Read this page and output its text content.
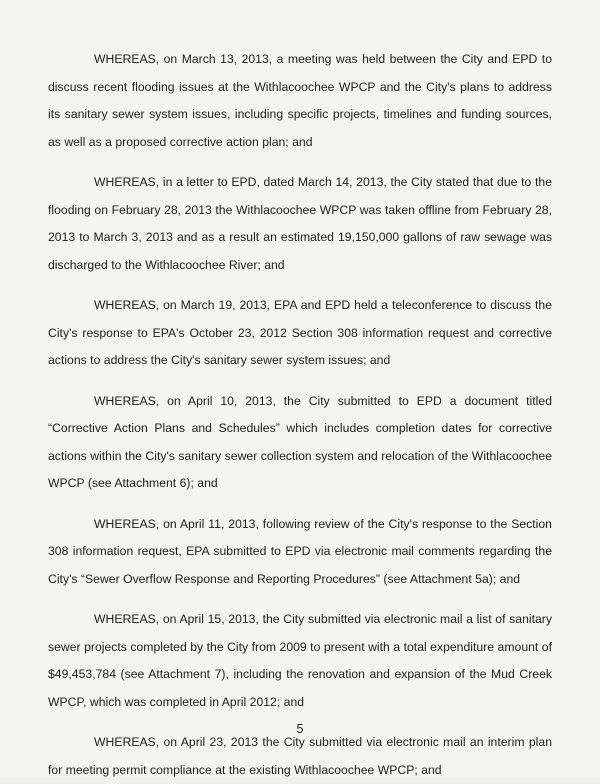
WHEREAS, on March 13, 2013, a meeting was held between the City and EPD to discuss recent flooding issues at the Withlacoochee WPCP and the City's plans to address its sanitary sewer system issues, including specific projects, timelines and funding sources, as well as a proposed corrective action plan; and

WHEREAS, in a letter to EPD, dated March 14, 2013, the City stated that due to the flooding on February 28, 2013 the Withlacoochee WPCP was taken offline from February 28, 2013 to March 3, 2013 and as a result an estimated 19,150,000 gallons of raw sewage was discharged to the Withlacoochee River; and

WHEREAS, on March 19, 2013, EPA and EPD held a teleconference to discuss the City's response to EPA's October 23, 2012 Section 308 information request and corrective actions to address the City's sanitary sewer system issues; and

WHEREAS, on April 10, 2013, the City submitted to EPD a document titled “Corrective Action Plans and Schedules” which includes completion dates for corrective actions within the City's sanitary sewer collection system and relocation of the Withlacoochee WPCP (see Attachment 6); and

WHEREAS, on April 11, 2013, following review of the City's response to the Section 308 information request, EPA submitted to EPD via electronic mail comments regarding the City's “Sewer Overflow Response and Reporting Procedures” (see Attachment 5a); and

WHEREAS, on April 15, 2013, the City submitted via electronic mail a list of sanitary sewer projects completed by the City from 2009 to present with a total expenditure amount of $49,453,784 (see Attachment 7), including the renovation and expansion of the Mud Creek WPCP, which was completed in April 2012; and

WHEREAS, on April 23, 2013 the City submitted via electronic mail an interim plan for meeting permit compliance at the existing Withlacoochee WPCP; and

5
